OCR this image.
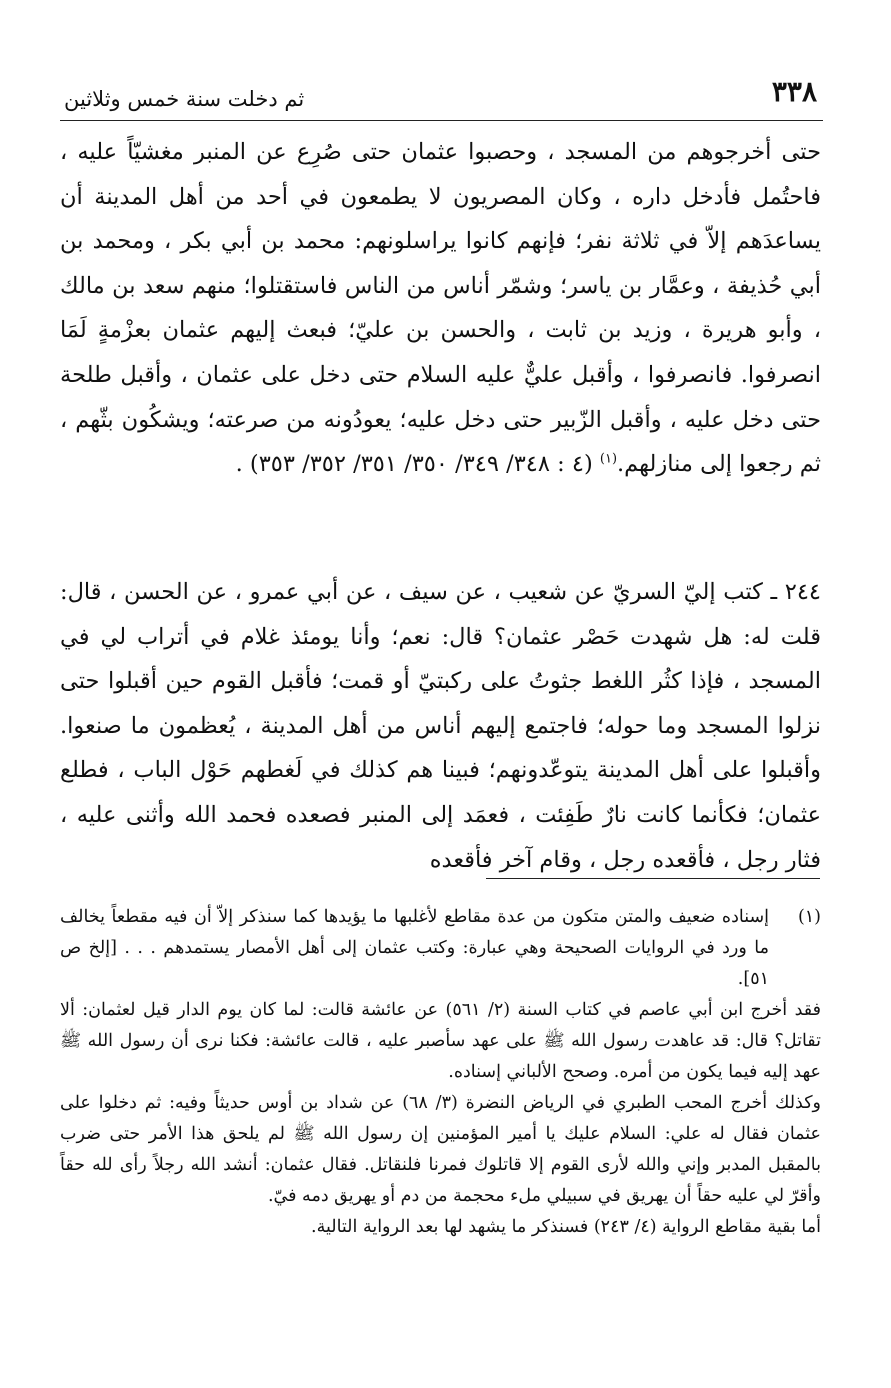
٣٣٨
ثم دخلت سنة خمس وثلاثين

حتى أخرجوهم من المسجد ، وحصبوا عثمان حتى صُرِع عن المنبر مغشيّاً عليه ، فاحتُمل فأدخل داره ، وكان المصريون لا يطمعون في أحد من أهل المدينة أن يساعدَهم إلاّ في ثلاثة نفر؛ فإنهم كانوا يراسلونهم: محمد بن أبي بكر ، ومحمد بن أبي حُذيفة ، وعمَّار بن ياسر؛ وشمّر أناس من الناس فاستقتلوا؛ منهم سعد بن مالك ، وأبو هريرة ، وزيد بن ثابت ، والحسن بن عليّ؛ فبعث إليهم عثمان بعزْمةٍ لَمَا انصرفوا. فانصرفوا ، وأقبل عليٌّ عليه السلام حتى دخل على عثمان ، وأقبل طلحة حتى دخل عليه ، وأقبل الزّبير حتى دخل عليه؛ يعودُونه من صرعته؛ ويشكُون بثّهم ، ثم رجعوا إلى منازلهم.$^{(١)}$ (٤ : ٣٤٨/ ٣٤٩/ ٣٥٠/ ٣٥١/ ٣٥٢/ ٣٥٣) .

٢٤٤ ـ كتب إليّ السريّ عن شعيب ، عن سيف ، عن أبي عمرو ، عن الحسن ، قال: قلت له: هل شهدت حَصْر عثمان؟ قال: نعم؛ وأنا يومئذ غلام في أتراب لي في المسجد ، فإذا كثُر اللغط جثوتُ على ركبتيّ أو قمت؛ فأقبل القوم حين أقبلوا حتى نزلوا المسجد وما حوله؛ فاجتمع إليهم أناس من أهل المدينة ، يُعظمون ما صنعوا. وأقبلوا على أهل المدينة يتوعّدونهم؛ فبينا هم كذلك في لَغطهم حَوْل الباب ، فطلع عثمان؛ فكأنما كانت نارٌ طَفِئت ، فعمَد إلى المنبر فصعده فحمد الله وأثنى عليه ، فثار رجل ، فأقعده رجل ، وقام آخر فأقعده

(١)
إسناده ضعيف والمتن متكون من عدة مقاطع لأغلبها ما يؤيدها كما سنذكر إلاّ أن فيه مقطعاً يخالف ما ورد في الروايات الصحيحة وهي عبارة: وكتب عثمان إلى أهل الأمصار يستمدهم . . . [إلخ ص ٥١].

فقد أخرج ابن أبي عاصم في كتاب السنة (٢/ ٥٦١) عن عائشة قالت: لما كان يوم الدار قيل لعثمان: ألا تقاتل؟ قال: قد عاهدت رسول الله ﷺ على عهد سأصبر عليه ، قالت عائشة: فكنا نرى أن رسول الله ﷺ عهد إليه فيما يكون من أمره. وصحح الألباني إسناده.

وكذلك أخرج المحب الطبري في الرياض النضرة (٣/ ٦٨) عن شداد بن أوس حديثاً وفيه: ثم دخلوا على عثمان فقال له علي: السلام عليك يا أمير المؤمنين إن رسول الله ﷺ لم يلحق هذا الأمر حتى ضرب بالمقبل المدبر وإني والله لأرى القوم إلا قاتلوك فمرنا فلنقاتل. فقال عثمان: أنشد الله رجلاً رأى لله حقاً وأقرّ لي عليه حقاً أن يهريق في سبيلي ملء محجمة من دم أو يهريق دمه فيّ.

أما بقية مقاطع الرواية (٤/ ٢٤٣) فسنذكر ما يشهد لها بعد الرواية التالية.
